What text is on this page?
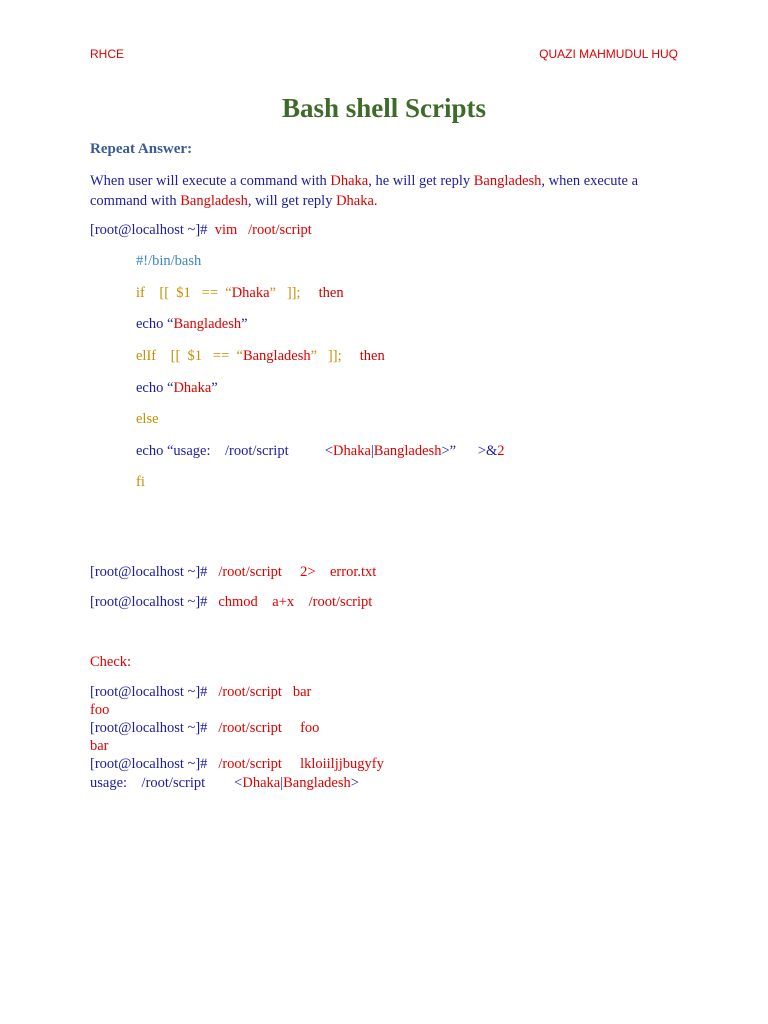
RHCE	QUAZI MAHMUDUL HUQ
Bash shell Scripts
Repeat Answer:
When user will execute a command with Dhaka, he will get reply Bangladesh, when execute a command with Bangladesh, will get reply Dhaka.
[root@localhost ~]# vim   /root/script
#!/bin/bash
if [[  $1   ==  “Dhaka”   ]]; then
echo “Bangladesh”
elIf [[  $1   ==  “Bangladesh”   ]]; then
echo “Dhaka”
else
echo “usage:    /root/script	<Dhaka|Bangladesh>” >&2
fi
[root@localhost ~]# /root/script     2>    error.txt
[root@localhost ~]# chmod    a+x    /root/script
Check:
[root@localhost ~]# /root/script   bar
foo
[root@localhost ~]# /root/script     foo
bar
[root@localhost ~]# /root/script     lkloiiljjbugyfy
usage:    /root/script <Dhaka|Bangladesh>
